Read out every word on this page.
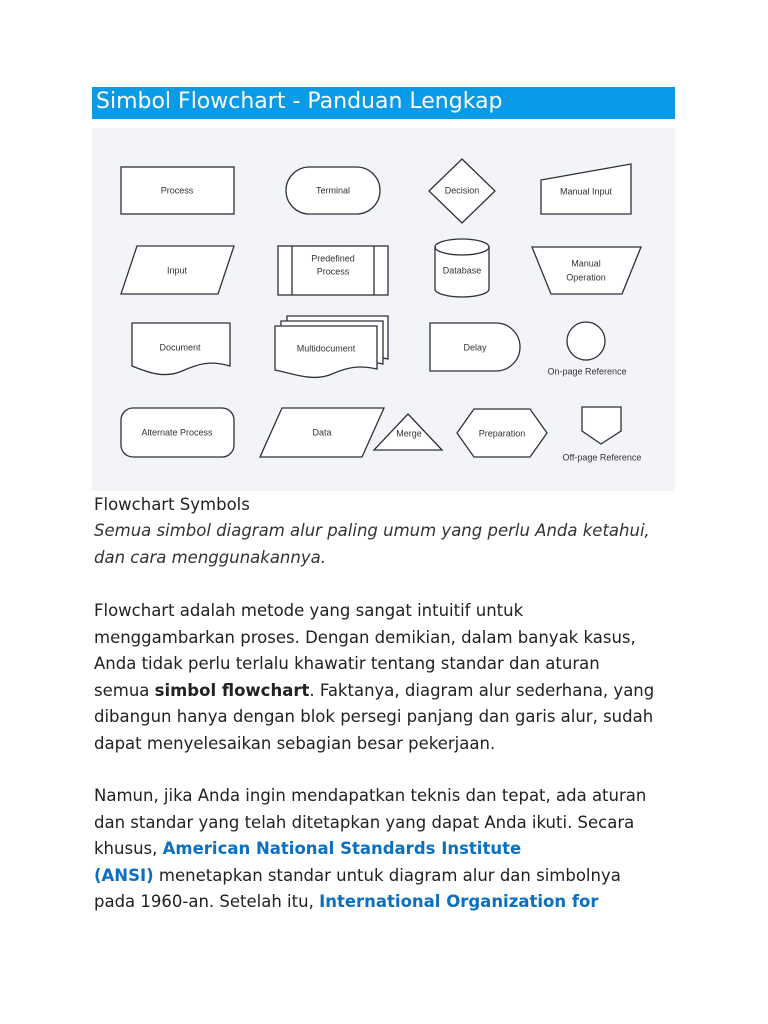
Simbol Flowchart - Panduan Lengkap
Process	Terminal	Decision	Manual Input
Input
Predefined
Process	Database
Manual
Operation
Document	Multidocument	Delay
On-page Reference
Alternate Process	Data	Merge	Preparation
Off-page Reference
Flowchart Symbols
Semua simbol diagram alur paling umum yang perlu Anda ketahui,
dan cara menggunakannya.
Flowchart adalah metode yang sangat intuitif untuk
menggambarkan proses. Dengan demikian, dalam banyak kasus,
Anda tidak perlu terlalu khawatir tentang standar dan aturan
semua simbol flowchart. Faktanya, diagram alur sederhana, yang
dibangun hanya dengan blok persegi panjang dan garis alur, sudah
dapat menyelesaikan sebagian besar pekerjaan.
Namun, jika Anda ingin mendapatkan teknis dan tepat, ada aturan
dan standar yang telah ditetapkan yang dapat Anda ikuti. Secara
khusus, American National Standards Institute
(ANSI) menetapkan standar untuk diagram alur dan simbolnya
pada 1960-an. Setelah itu, International Organization for
